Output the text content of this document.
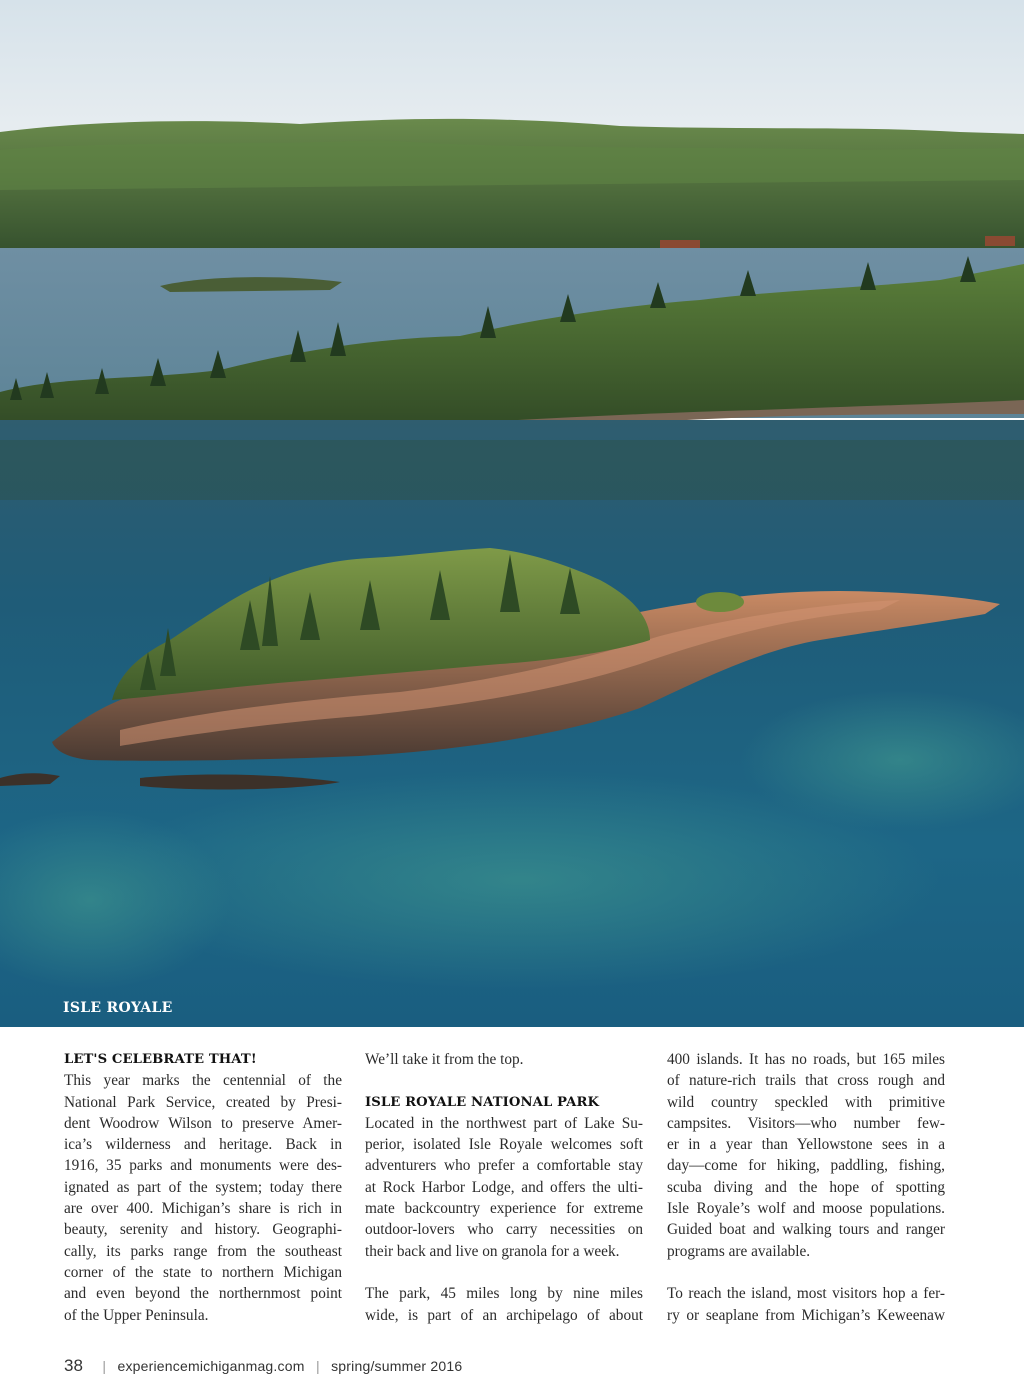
ISLE ROYALE
LET'S CELEBRATE THAT!
This year marks the centennial of the
National Park Service, created by Presi-
dent Woodrow Wilson to preserve Amer-
ica’s wilderness and heritage. Back in
1916, 35 parks and monuments were des-
ignated as part of the system; today there
are over 400. Michigan’s share is rich in
beauty, serenity and history. Geographi-
cally, its parks range from the southeast
corner of the state to northern Michigan
and even beyond the northernmost point
of the Upper Peninsula.
We’ll take it from the top.
ISLE ROYALE NATIONAL PARK
Located in the northwest part of Lake Su-
perior, isolated Isle Royale welcomes soft
adventurers who prefer a comfortable stay
at Rock Harbor Lodge, and offers the ulti-
mate backcountry experience for extreme
outdoor-lovers who carry necessities on
their back and live on granola for a week.
The park, 45 miles long by nine miles
wide, is part of an archipelago of about
400 islands. It has no roads, but 165 miles
of nature-rich trails that cross rough and
wild country speckled with primitive
campsites. Visitors—who number few-
er in a year than Yellowstone sees in a
day—come for hiking, paddling, fishing,
scuba diving and the hope of spotting
Isle Royale’s wolf and moose populations.
Guided boat and walking tours and ranger
programs are available.
To reach the island, most visitors hop a fer-
ry or seaplane from Michigan’s Keweenaw
38 | experiencemichiganmag.com | spring/summer 2016
